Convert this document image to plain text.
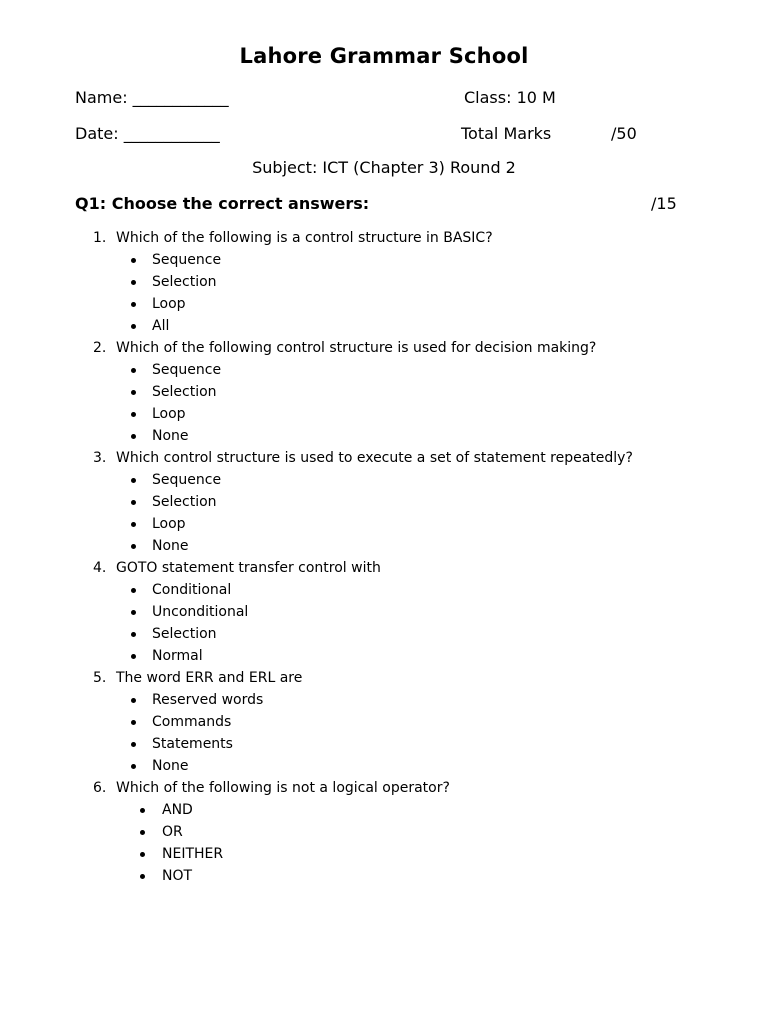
Lahore Grammar School
Name: ____________	Class: 10 M
Date: ____________	Total Marks	/50
Subject: ICT (Chapter 3) Round 2
Q1: Choose the correct answers:	/15
1. Which of the following is a control structure in BASIC?
Sequence
Selection
Loop
All
2. Which of the following control structure is used for decision making?
Sequence
Selection
Loop
None
3. Which control structure is used to execute a set of statement repeatedly?
Sequence
Selection
Loop
None
4. GOTO statement transfer control with
Conditional
Unconditional
Selection
Normal
5. The word ERR and ERL are
Reserved words
Commands
Statements
None
6. Which of the following is not a logical operator?
AND
OR
NEITHER
NOT
